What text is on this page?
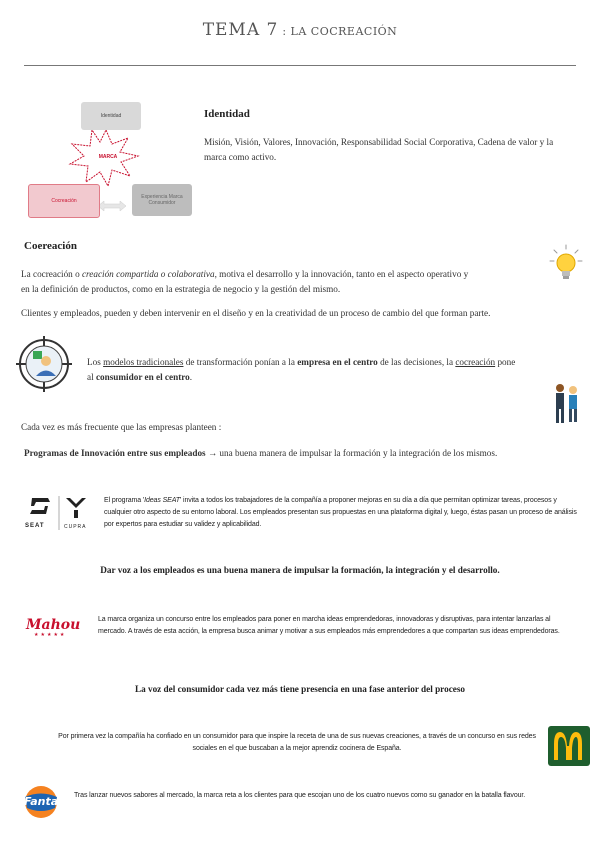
TEMA 7 : LA COCREACIÓN
Identidad
MARCA
Cocreación
Experiencia Marca Consumidor
Identidad
Misión, Visión, Valores, Innovación, Responsabilidad Social Corporativa, Cadena de valor y la marca como activo.
Coereación
La cocreación o creación compartida o colaborativa, motiva el desarrollo y la innovación, tanto en el aspecto operativo y
en la definición de productos, como en la estrategia de negocio y la gestión del mismo.
Clientes y empleados, pueden y deben intervenir en el diseño y en la creatividad de un proceso de cambio del que forman parte.
Los modelos tradicionales de transformación ponían a la empresa en el centro de las decisiones, la cocreación pone
al consumidor en el centro.
Cada vez es más frecuente que las empresas planteen :
Programas de Innovación entre sus empleados → una buena manera de impulsar la formación y la integración de los mismos.
SEAT	CUPRA
El programa 'Ideas SEAT' invita a todos los trabajadores de la compañía a proponer mejoras en su día a día que permitan optimizar tareas, procesos y cualquier otro aspecto de su entorno laboral. Los empleados presentan sus propuestas en una plataforma digital y, luego, éstas pasan un proceso de análisis por expertos para estudiar su validez y aplicabilidad.
Dar voz a los empleados es una buena manera de impulsar la formación, la integración y el desarrollo.
Mahou
★★★★★
La marca organiza un concurso entre los empleados para poner en marcha ideas emprendedoras, innovadoras y disruptivas, para intentar lanzarlas al mercado. A través de esta acción, la empresa busca animar y motivar a sus empleados más emprendedores a que compartan sus ideas emprendedoras.
La voz del consumidor cada vez más tiene presencia en una fase anterior del proceso
Por primera vez la compañía ha confiado en un consumidor para que inspire la receta de una de sus nuevas creaciones, a través de un concurso en sus redes sociales en el que buscaban a la mejor aprendiz cocinera de España.
Fanta Tras lanzar nuevos sabores al mercado, la marca reta a los clientes para que escojan uno de los cuatro nuevos como su ganador en la batalla flavour.
